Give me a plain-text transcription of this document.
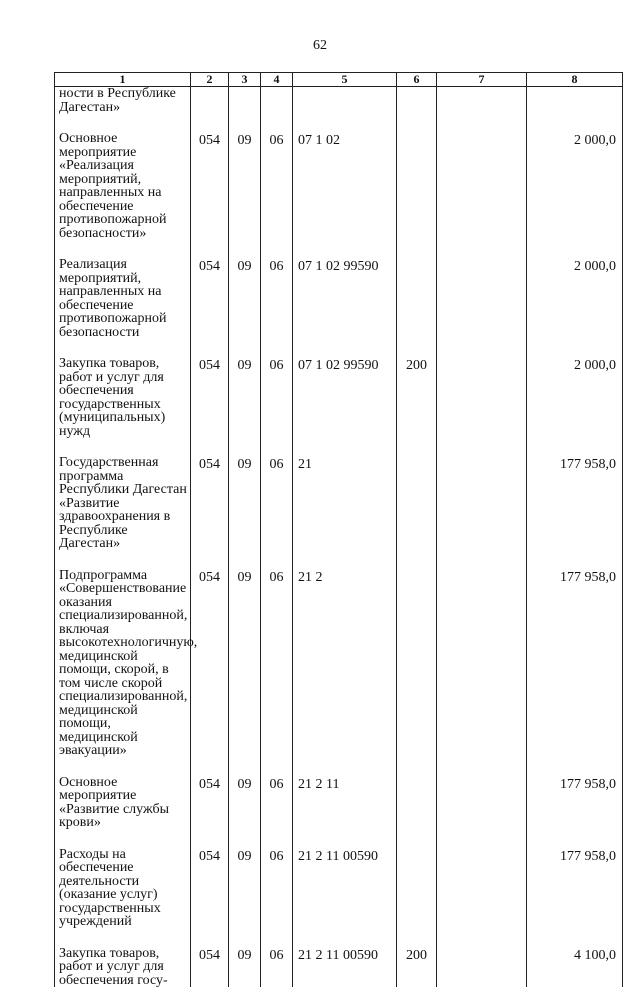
62
1	2	3	4	5	6	7	8
ности в Республике Дагестан»							

Основное мероприятие «Реализация мероприятий, направленных на обеспечение противопожарной безопасности»	054	09	06	07 1 02			2 000,0

Реализация мероприятий, направленных на обеспечение противопожарной безопасности	054	09	06	07 1 02 99590			2 000,0

Закупка товаров, работ и услуг для обеспечения государственных (муниципальных) нужд	054	09	06	07 1 02 99590	200		2 000,0

Государственная программа Республики Дагестан «Развитие здравоохранения в Республике Дагестан»	054	09	06	21			177 958,0

Подпрограмма «Совершенствование оказания специализированной, включая высокотехнологичную, медицинской помощи, скорой, в том числе скорой специализированной, медицинской помощи, медицинской эвакуации»	054	09	06	21 2			177 958,0

Основное мероприятие «Развитие службы крови»	054	09	06	21 2 11			177 958,0

Расходы на обеспечение деятельности (оказание услуг) государственных учреждений	054	09	06	21 2 11 00590			177 958,0

Закупка товаров, работ и услуг для обеспечения госу-	054	09	06	21 2 11 00590	200		4 100,0
